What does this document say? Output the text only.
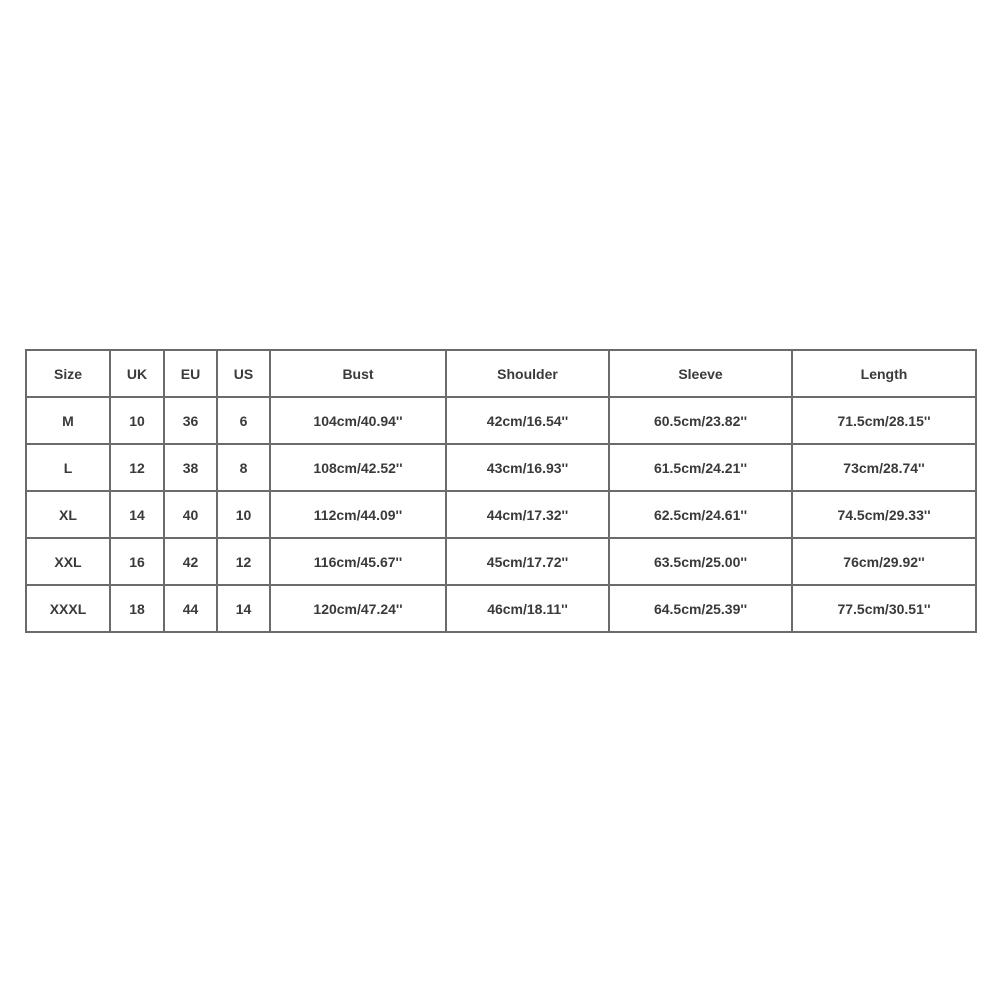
Size	UK	EU	US	Bust	Shoulder	Sleeve	Length
M	10	36	6	104cm/40.94''	42cm/16.54''	60.5cm/23.82''	71.5cm/28.15''
L	12	38	8	108cm/42.52''	43cm/16.93''	61.5cm/24.21''	73cm/28.74''
XL	14	40	10	112cm/44.09''	44cm/17.32''	62.5cm/24.61''	74.5cm/29.33''
XXL	16	42	12	116cm/45.67''	45cm/17.72''	63.5cm/25.00''	76cm/29.92''
XXXL	18	44	14	120cm/47.24''	46cm/18.11''	64.5cm/25.39''	77.5cm/30.51''
